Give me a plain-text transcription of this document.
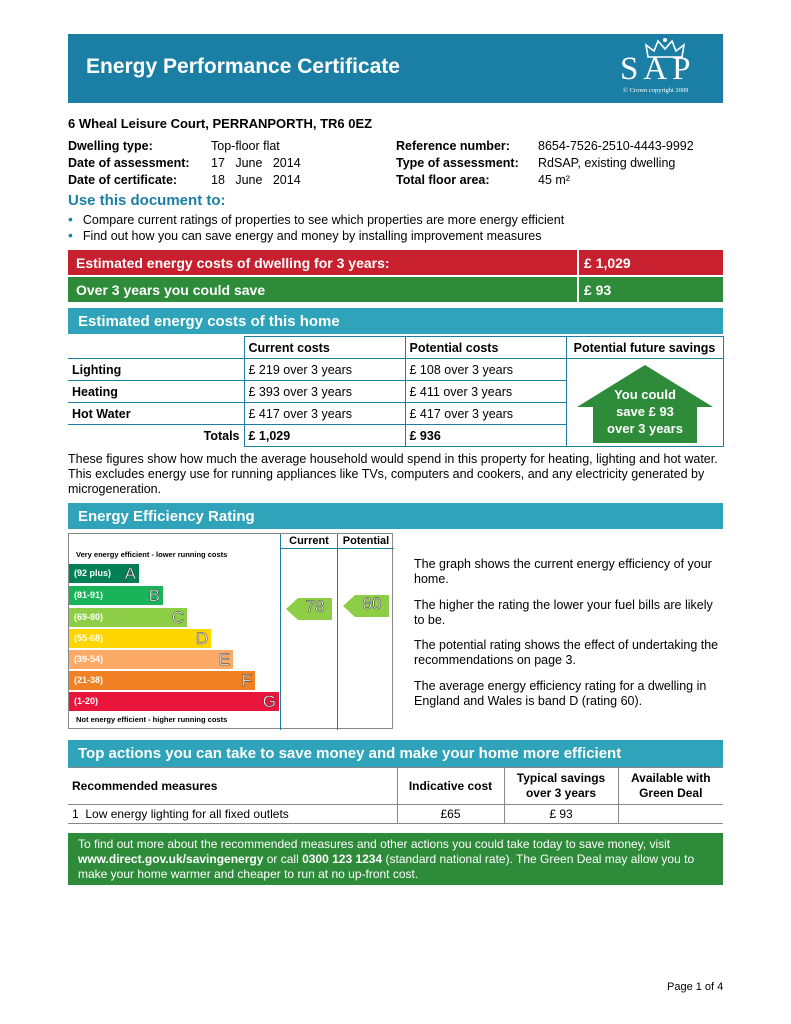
Energy Performance Certificate	SAP
© Crown copyright 2009
6 Wheal Leisure Court, PERRANPORTH, TR6 0EZ
Dwelling type:	Top-floor flat
Date of assessment: 17   June   2014
Date of certificate:	18   June   2014
Reference number: 8654-7526-2510-4443-9992
Type of assessment: RdSAP, existing dwelling
Total floor area:	45 m²
Use this document to:
• Compare current ratings of properties to see which properties are more energy efficient
• Find out how you can save energy and money by installing improvement measures
Estimated energy costs of dwelling for 3 years:	£ 1,029
Over 3 years you could save	£ 93
Estimated energy costs of this home
	Current costs	Potential costs	Potential future savings
Lighting	£ 219 over 3 years	£ 108 over 3 years	You could
save £ 93
over 3 years

Heating	£ 393 over 3 years	£ 411 over 3 years	
Hot Water	£ 417 over 3 years	£ 417 over 3 years	
Totals	£ 1,029	£ 936	
These figures show how much the average household would spend in this property for heating, lighting and hot water. This excludes energy use for running appliances like TVs, computers and cookers, and any electricity generated by microgeneration.
Energy Efficiency Rating
Current	Potential
Very energy efficient - lower running costs
(92 plus) A
(81-91)	B
(69-80)	C
(55-68)	D
(39-54)	E
(21-38)	F
(1-20)	G
Not energy efficient - higher running costs
78	80
The graph shows the current energy efficiency of your home.
The higher the rating the lower your fuel bills are likely to be.
The potential rating shows the effect of undertaking the recommendations on page 3.
The average energy efficiency rating for a dwelling in England and Wales is band D (rating 60).
Top actions you can take to save money and make your home more efficient
Recommended measures	Indicative cost	Typical savings over 3 years	Available with Green Deal
1  Low energy lighting for all fixed outlets	£65	£ 93	
To find out more about the recommended measures and other actions you could take today to save money, visit www.direct.gov.uk/savingenergy or call 0300 123 1234 (standard national rate). The Green Deal may allow you to make your home warmer and cheaper to run at no up-front cost.
Page 1 of 4
